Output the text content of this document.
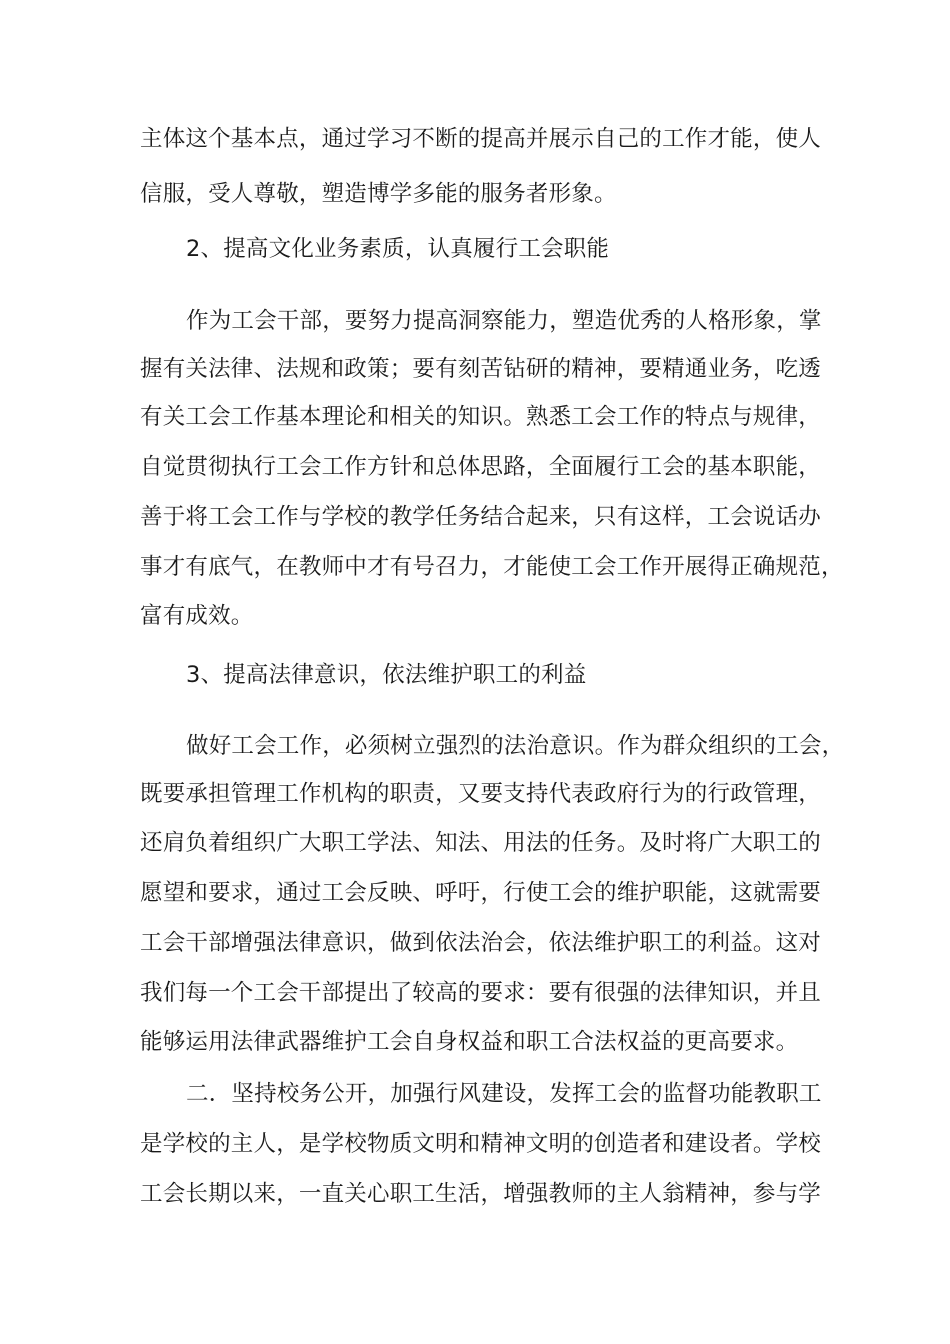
主体这个基本点，通过学习不断的提高并展示自己的工作才能，使人
信服，受人尊敬，塑造博学多能的服务者形象。
2、提高文化业务素质，认真履行工会职能
作为工会干部，要努力提高洞察能力，塑造优秀的人格形象，掌
握有关法律、法规和政策；要有刻苦钻研的精神，要精通业务，吃透
有关工会工作基本理论和相关的知识。熟悉工会工作的特点与规律，
自觉贯彻执行工会工作方针和总体思路，全面履行工会的基本职能，
善于将工会工作与学校的教学任务结合起来，只有这样，工会说话办
事才有底气，在教师中才有号召力，才能使工会工作开展得正确规范，
富有成效。
3、提高法律意识，依法维护职工的利益
做好工会工作，必须树立强烈的法治意识。作为群众组织的工会，
既要承担管理工作机构的职责，又要支持代表政府行为的行政管理，
还肩负着组织广大职工学法、知法、用法的任务。及时将广大职工的
愿望和要求，通过工会反映、呼吁，行使工会的维护职能，这就需要
工会干部增强法律意识，做到依法治会，依法维护职工的利益。这对
我们每一个工会干部提出了较高的要求：要有很强的法律知识，并且
能够运用法律武器维护工会自身权益和职工合法权益的更高要求。
二．坚持校务公开，加强行风建设，发挥工会的监督功能教职工
是学校的主人，是学校物质文明和精神文明的创造者和建设者。学校
工会长期以来，一直关心职工生活，增强教师的主人翁精神，参与学
